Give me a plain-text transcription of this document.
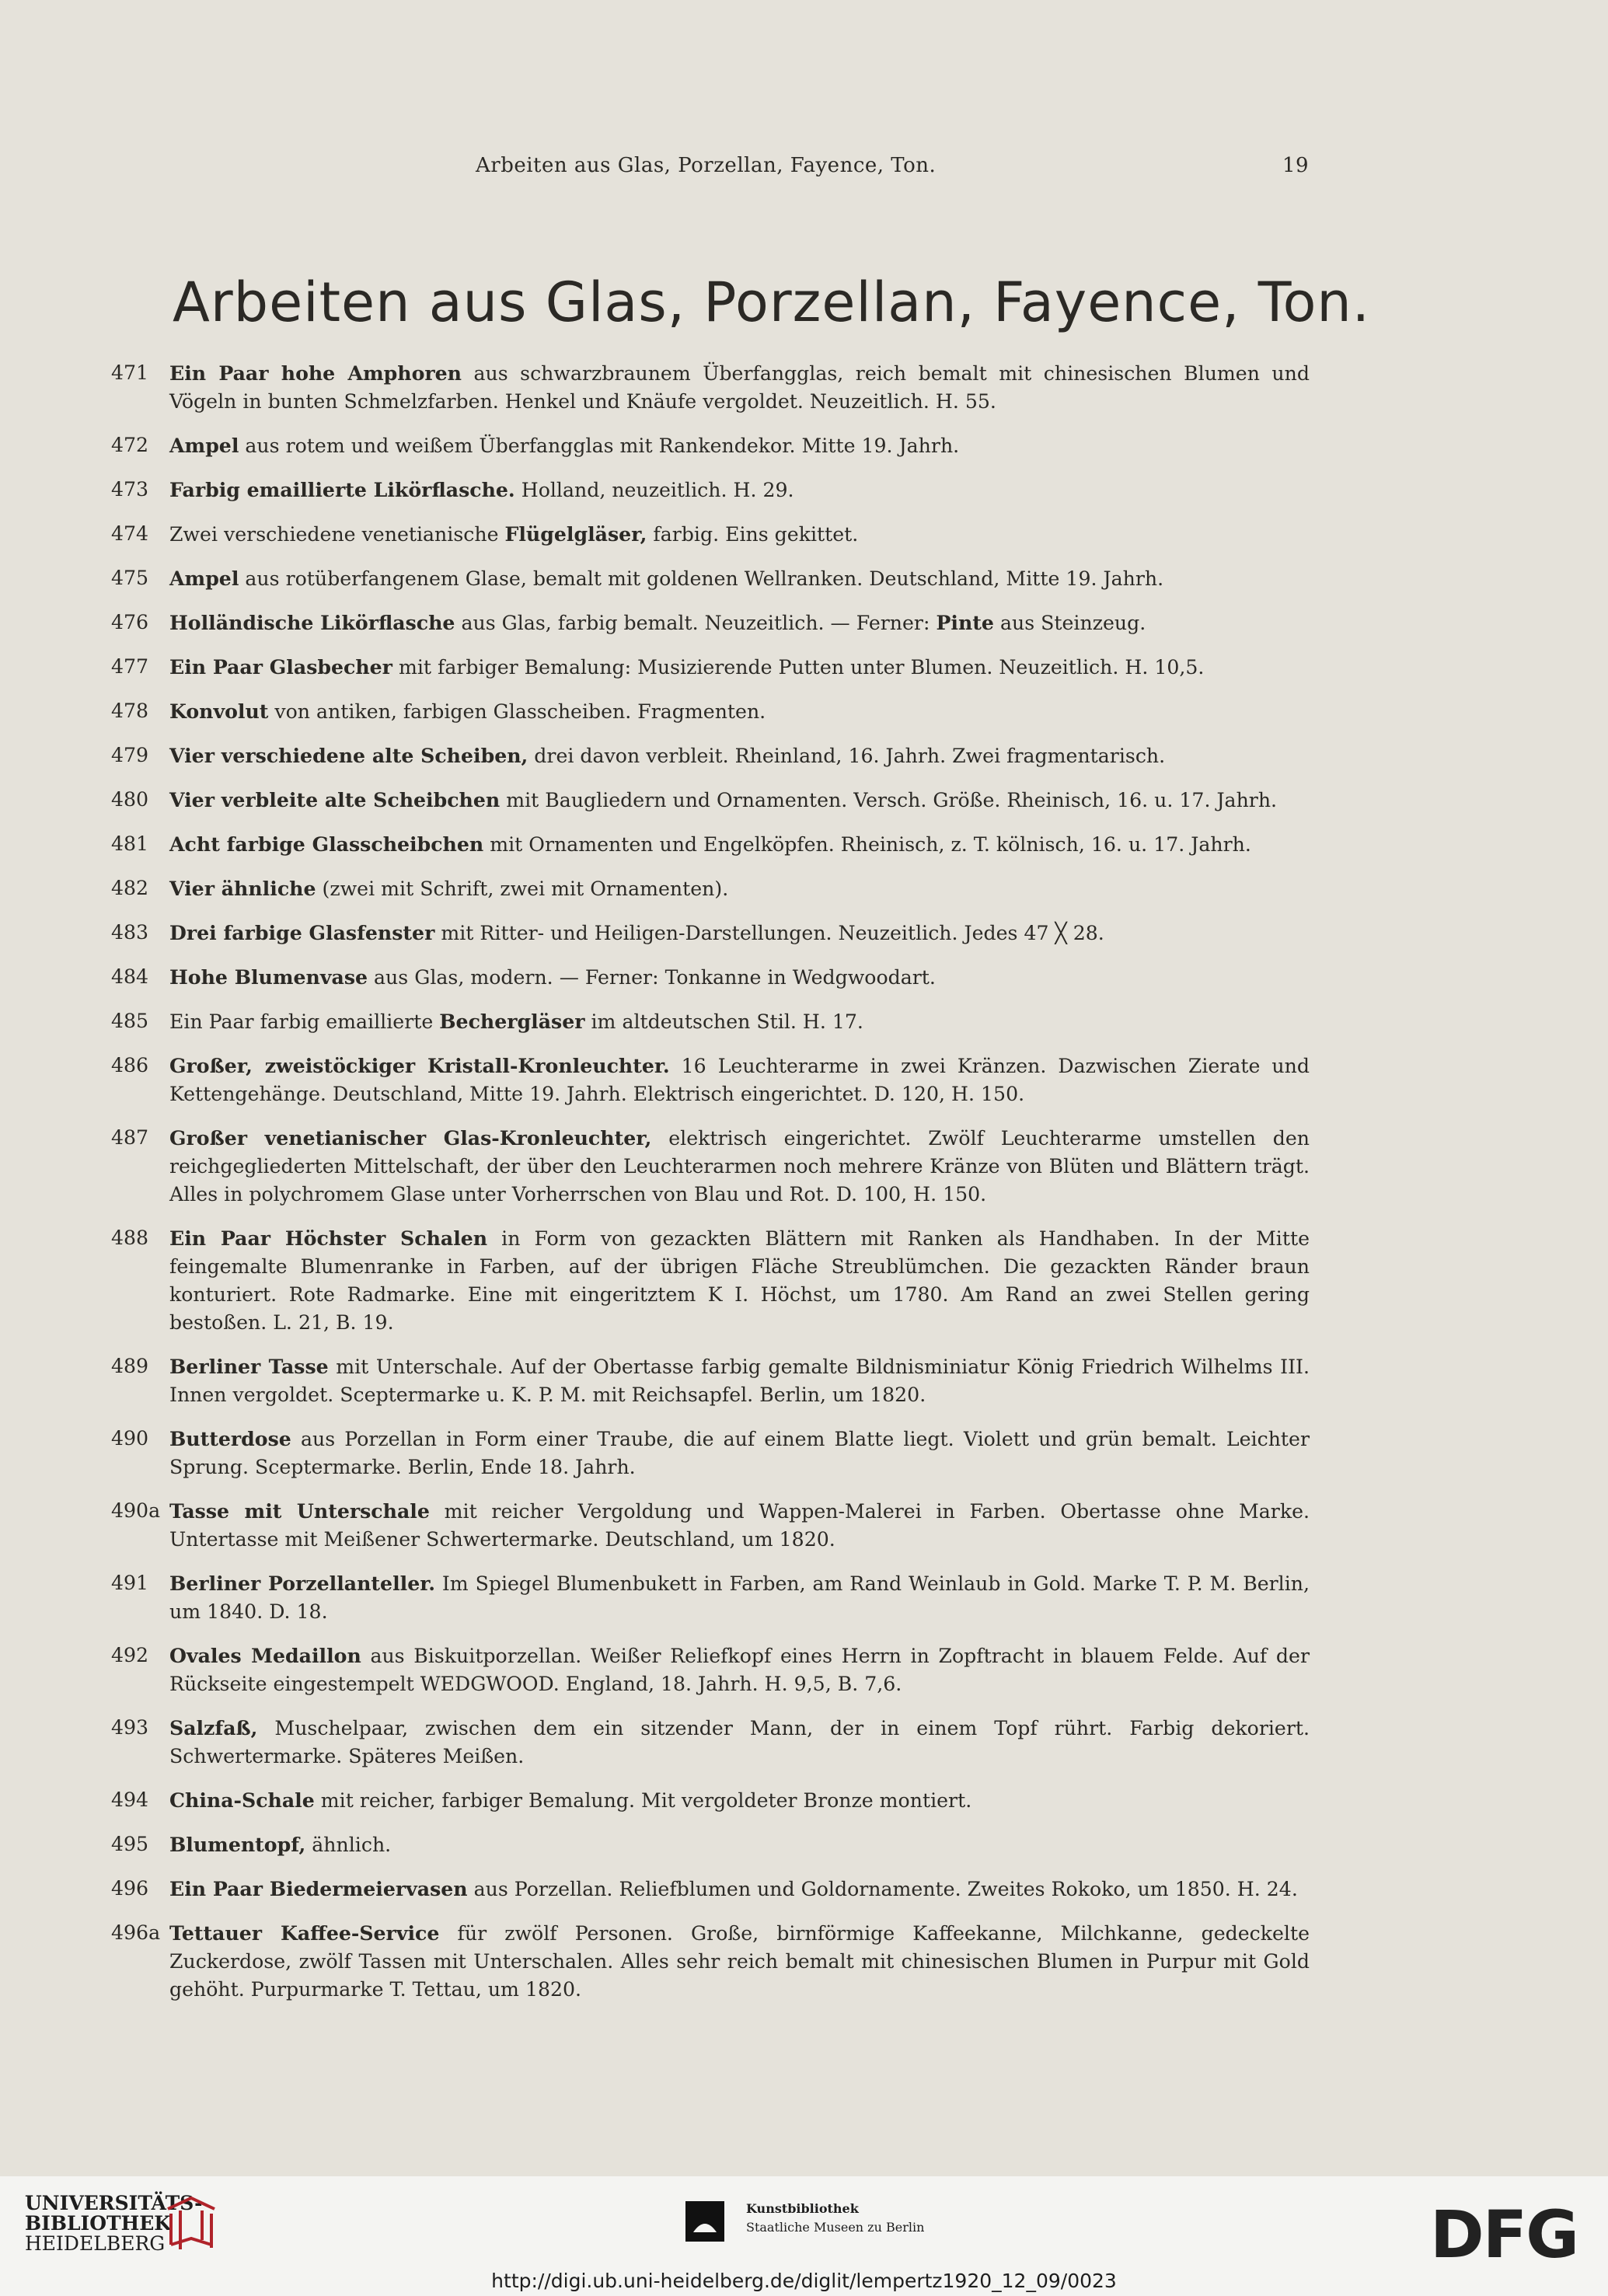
Arbeiten aus Glas, Porzellan, Fayence, Ton.	19
Arbeiten aus Glas, Porzellan, Fayence, Ton.
471	Ein Paar hohe Amphoren aus schwarzbraunem Überfangglas, reich bemalt mit chinesischen Blumen und Vögeln in bunten Schmelzfarben. Henkel und Knäufe vergoldet. Neuzeitlich. H. 55.
472	Ampel aus rotem und weißem Überfangglas mit Rankendekor. Mitte 19. Jahrh.
473	Farbig emaillierte Likörflasche. Holland, neuzeitlich. H. 29.
474	Zwei verschiedene venetianische Flügelgläser, farbig. Eins gekittet.
475	Ampel aus rotüberfangenem Glase, bemalt mit goldenen Wellranken. Deutschland, Mitte 19. Jahrh.
476	Holländische Likörflasche aus Glas, farbig bemalt. Neuzeitlich. — Ferner: Pinte aus Steinzeug.
477	Ein Paar Glasbecher mit farbiger Bemalung: Musizierende Putten unter Blumen. Neuzeitlich. H. 10,5.
478	Konvolut von antiken, farbigen Glasscheiben. Fragmenten.
479	Vier verschiedene alte Scheiben, drei davon verbleit. Rheinland, 16. Jahrh. Zwei fragmentarisch.
480	Vier verbleite alte Scheibchen mit Baugliedern und Ornamenten. Versch. Größe. Rheinisch, 16. u. 17. Jahrh.
481	Acht farbige Glasscheibchen mit Ornamenten und Engelköpfen. Rheinisch, z. T. kölnisch, 16. u. 17. Jahrh.
482	Vier ähnliche (zwei mit Schrift, zwei mit Ornamenten).
483	Drei farbige Glasfenster mit Ritter- und Heiligen-Darstellungen. Neuzeitlich. Jedes 47 ╳ 28.
484	Hohe Blumenvase aus Glas, modern. — Ferner: Tonkanne in Wedgwoodart.
485	Ein Paar farbig emaillierte Bechergläser im altdeutschen Stil. H. 17.
486	Großer, zweistöckiger Kristall-Kronleuchter. 16 Leuchterarme in zwei Kränzen. Dazwischen Zierate und Kettengehänge. Deutschland, Mitte 19. Jahrh. Elektrisch eingerichtet. D. 120, H. 150.
487	Großer venetianischer Glas-Kronleuchter, elektrisch eingerichtet. Zwölf Leuchterarme umstellen den reichgegliederten Mittelschaft, der über den Leuchterarmen noch mehrere Kränze von Blüten und Blättern trägt. Alles in polychromem Glase unter Vorherrschen von Blau und Rot. D. 100, H. 150.
488	Ein Paar Höchster Schalen in Form von gezackten Blättern mit Ranken als Handhaben. In der Mitte feingemalte Blumenranke in Farben, auf der übrigen Fläche Streublümchen. Die gezackten Ränder braun konturiert. Rote Radmarke. Eine mit eingeritztem K I. Höchst, um 1780. Am Rand an zwei Stellen gering bestoßen. L. 21, B. 19.
489	Berliner Tasse mit Unterschale. Auf der Obertasse farbig gemalte Bildnisminiatur König Friedrich Wilhelms III. Innen vergoldet. Sceptermarke u. K. P. M. mit Reichsapfel. Berlin, um 1820.
490	Butterdose aus Porzellan in Form einer Traube, die auf einem Blatte liegt. Violett und grün bemalt. Leichter Sprung. Sceptermarke. Berlin, Ende 18. Jahrh.
490a Tasse mit Unterschale mit reicher Vergoldung und Wappen-Malerei in Farben. Obertasse ohne Marke. Untertasse mit Meißener Schwertermarke. Deutschland, um 1820.
491	Berliner Porzellanteller. Im Spiegel Blumenbukett in Farben, am Rand Weinlaub in Gold. Marke T. P. M. Berlin, um 1840. D. 18.
492	Ovales Medaillon aus Biskuitporzellan. Weißer Reliefkopf eines Herrn in Zopftracht in blauem Felde. Auf der Rückseite eingestempelt WEDGWOOD. England, 18. Jahrh. H. 9,5, B. 7,6.
493	Salzfaß, Muschelpaar, zwischen dem ein sitzender Mann, der in einem Topf rührt. Farbig dekoriert. Schwertermarke. Späteres Meißen.
494	China-Schale mit reicher, farbiger Bemalung. Mit vergoldeter Bronze montiert.
495	Blumentopf, ähnlich.
496	Ein Paar Biedermeiervasen aus Porzellan. Reliefblumen und Goldornamente. Zweites Rokoko, um 1850. H. 24.
496a Tettauer Kaffee-Service für zwölf Personen. Große, birnförmige Kaffeekanne, Milchkanne, gedeckelte Zuckerdose, zwölf Tassen mit Unterschalen. Alles sehr reich bemalt mit chinesischen Blumen in Purpur mit Gold gehöht. Purpurmarke T. Tettau, um 1820.
UNIVERSITÄTS-
BIBLIOTHEK
HEIDELBERG
Kunstbibliothek
Staatliche Museen zu Berlin	DFG
http://digi.ub.uni-heidelberg.de/diglit/lempertz1920_12_09/0023
